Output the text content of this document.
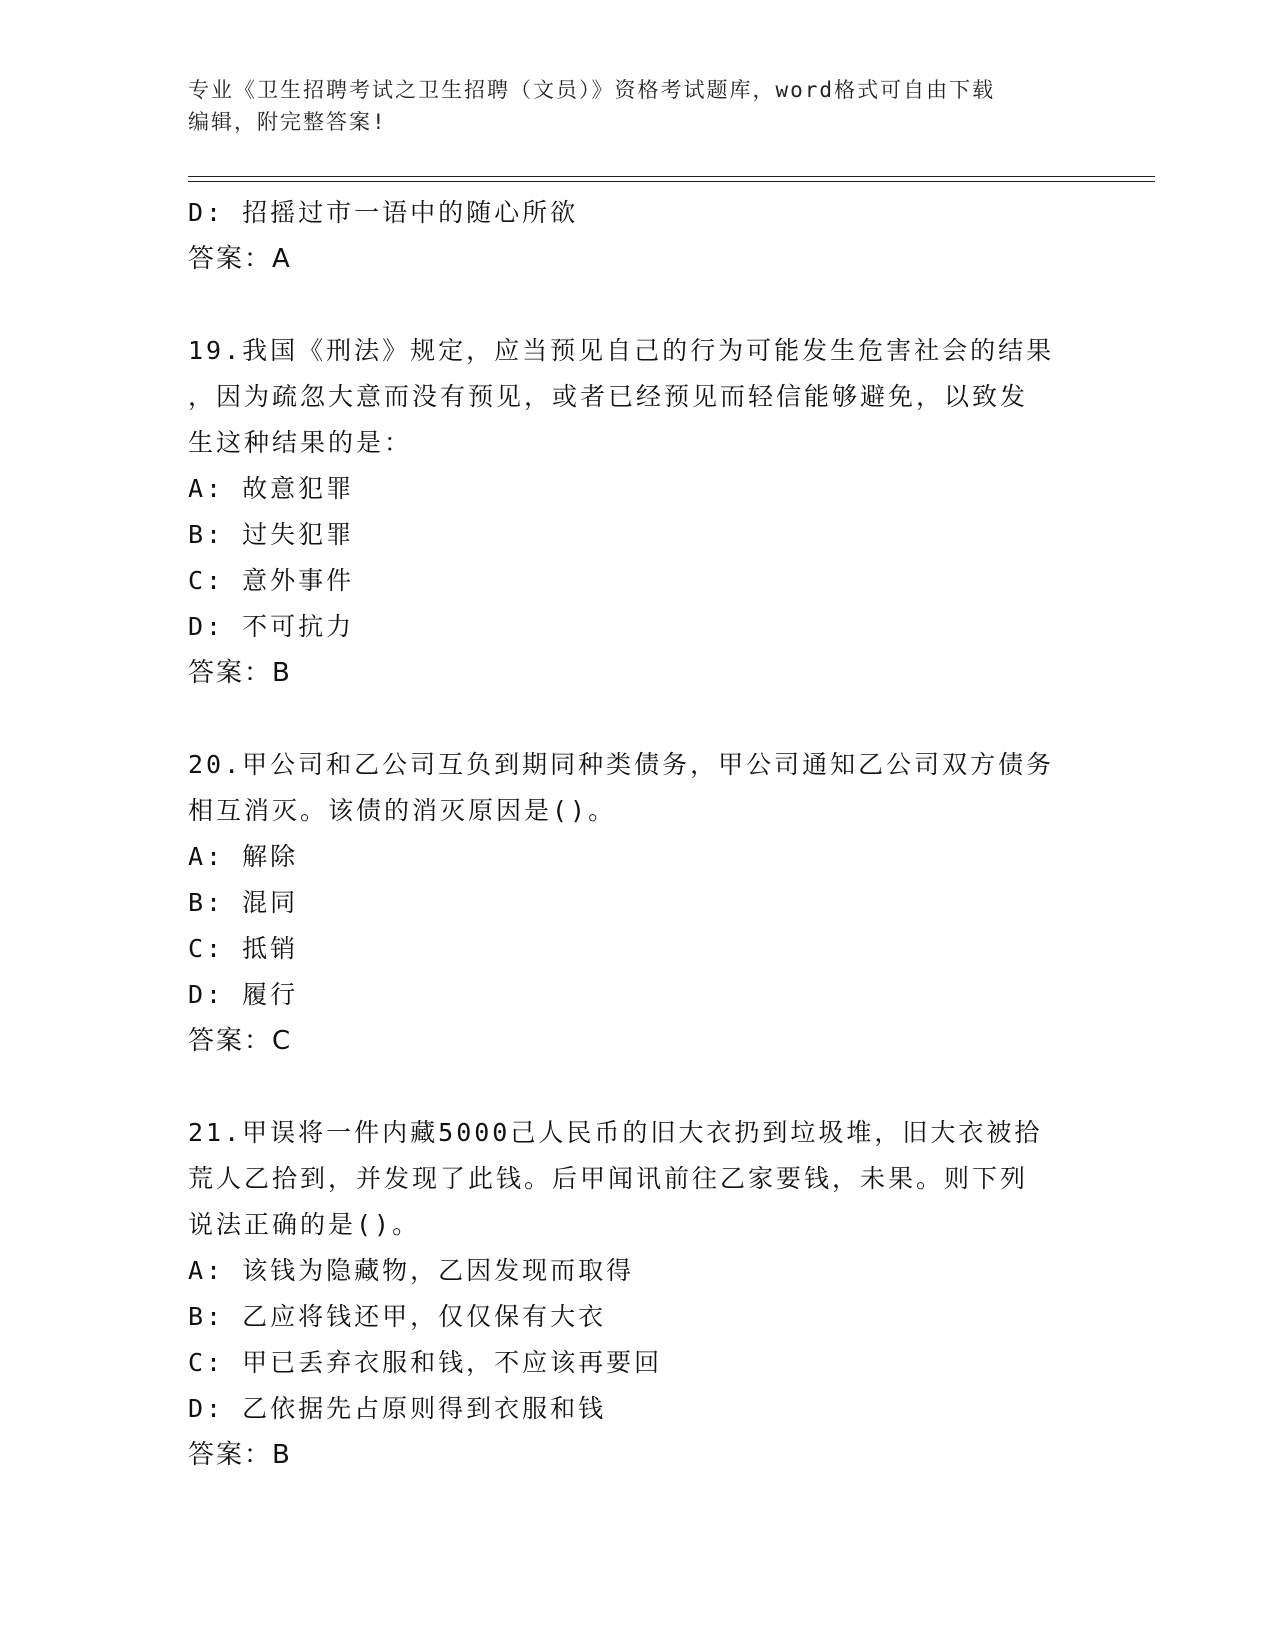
专业《卫生招聘考试之卫生招聘（文员）》资格考试题库，word格式可自由下载
编辑，附完整答案!
D: 招摇过市一语中的随心所欲
答案：A
19.我国《刑法》规定，应当预见自己的行为可能发生危害社会的结果
，因为疏忽大意而没有预见，或者已经预见而轻信能够避免，以致发
生这种结果的是：
A: 故意犯罪
B: 过失犯罪
C: 意外事件
D: 不可抗力
答案：B
20.甲公司和乙公司互负到期同种类债务，甲公司通知乙公司双方债务
相互消灭。该债的消灭原因是()。
A: 解除
B: 混同
C: 抵销
D: 履行
答案：C
21.甲误将一件内藏5000己人民币的旧大衣扔到垃圾堆，旧大衣被拾
荒人乙拾到，并发现了此钱。后甲闻讯前往乙家要钱，未果。则下列
说法正确的是()。
A: 该钱为隐藏物，乙因发现而取得
B: 乙应将钱还甲，仅仅保有大衣
C: 甲已丢弃衣服和钱，不应该再要回
D: 乙依据先占原则得到衣服和钱
答案：B
